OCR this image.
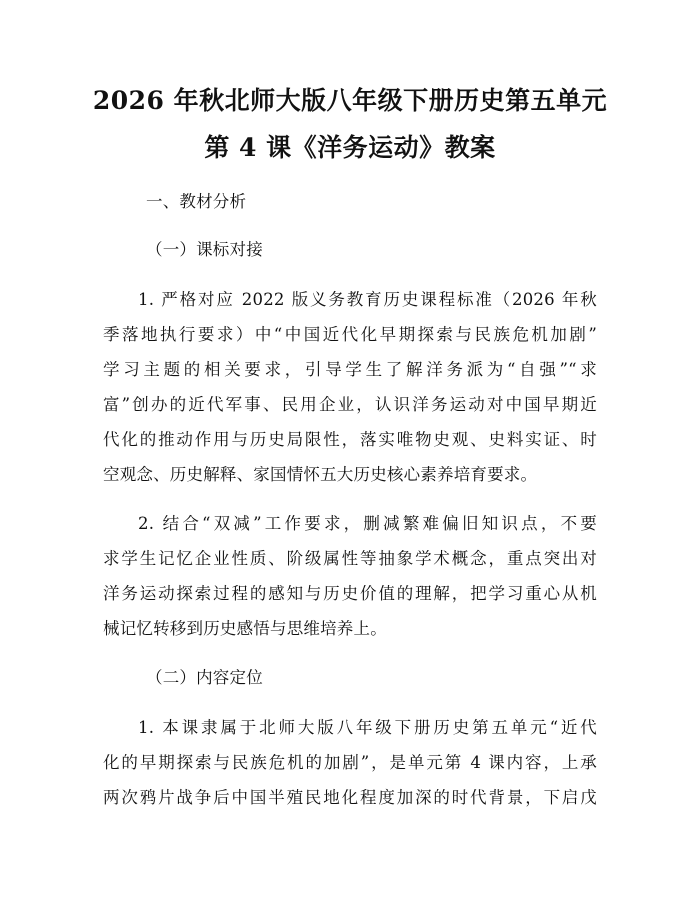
2026 年秋北师大版八年级下册历史第五单元
第 4 课《洋务运动》教案
一、教材分析
（一）课标对接
1. 严格对应 2022 版义务教育历史课程标准（2026 年秋
季落地执行要求）中“中国近代化早期探索与民族危机加剧”
学习主题的相关要求，引导学生了解洋务派为“自强”“求
富”创办的近代军事、民用企业，认识洋务运动对中国早期近
代化的推动作用与历史局限性，落实唯物史观、史料实证、时
空观念、历史解释、家国情怀五大历史核心素养培育要求。
2. 结合“双减”工作要求，删减繁难偏旧知识点，不要
求学生记忆企业性质、阶级属性等抽象学术概念，重点突出对
洋务运动探索过程的感知与历史价值的理解，把学习重心从机
械记忆转移到历史感悟与思维培养上。
（二）内容定位
1. 本课隶属于北师大版八年级下册历史第五单元“近代
化的早期探索与民族危机的加剧”，是单元第 4 课内容，上承
两次鸦片战争后中国半殖民地化程度加深的时代背景，下启戊
